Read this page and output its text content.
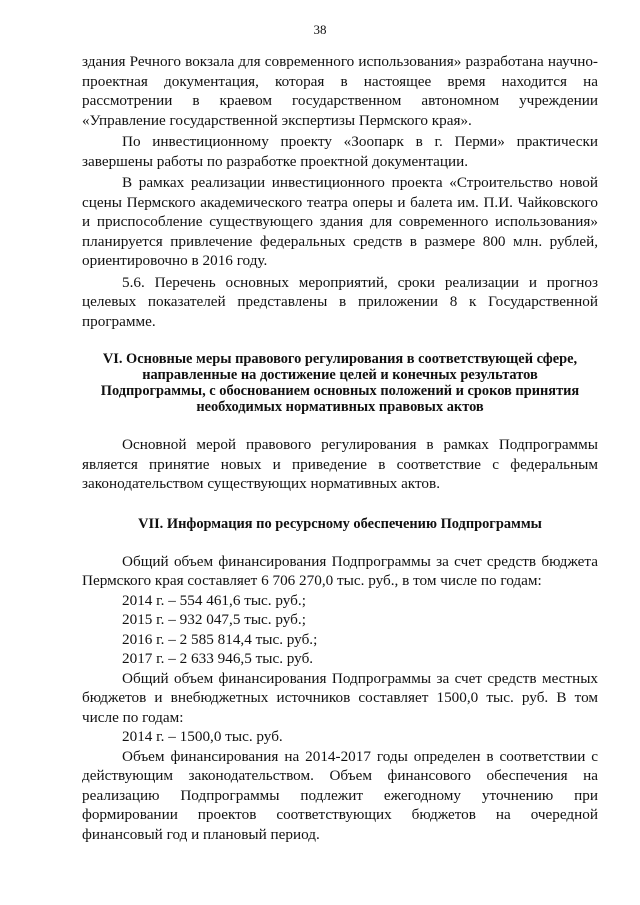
38

здания Речного вокзала для современного использования» разработана научно-проектная документация, которая в настоящее время находится на рассмотрении в краевом государственном автономном учреждении «Управление государственной экспертизы Пермского края».

По инвестиционному проекту «Зоопарк в г. Перми» практически завершены работы по разработке проектной документации.

В рамках реализации инвестиционного проекта «Строительство новой сцены Пермского академического театра оперы и балета им. П.И. Чайковского и приспособление существующего здания для современного использования» планируется привлечение федеральных средств в размере 800 млн. рублей, ориентировочно в 2016 году.

5.6. Перечень основных мероприятий, сроки реализации и прогноз целевых показателей представлены в приложении 8 к Государственной программе.

VI. Основные меры правового регулирования в соответствующей сфере,
направленные на достижение целей и конечных результатов
Подпрограммы, с обоснованием основных положений и сроков принятия
необходимых нормативных правовых актов

Основной мерой правового регулирования в рамках Подпрограммы является принятие новых и приведение в соответствие с федеральным законодательством существующих нормативных актов.

VII. Информация по ресурсному обеспечению Подпрограммы

Общий объем финансирования Подпрограммы за счет средств бюджета Пермского края составляет 6 706 270,0 тыс. руб., в том числе по годам:

2014 г. – 554 461,6 тыс. руб.;

2015 г. – 932 047,5 тыс. руб.;

2016 г. – 2 585 814,4 тыс. руб.;

2017 г. – 2 633 946,5 тыс. руб.

Общий объем финансирования Подпрограммы за счет средств местных бюджетов и внебюджетных источников составляет 1500,0 тыс. руб. В том числе по годам:

2014 г. – 1500,0 тыс. руб.

Объем финансирования на 2014-2017 годы определен в соответствии с действующим законодательством. Объем финансового обеспечения на реализацию Подпрограммы подлежит ежегодному уточнению при формировании проектов соответствующих бюджетов на очередной финансовый год и плановый период.
